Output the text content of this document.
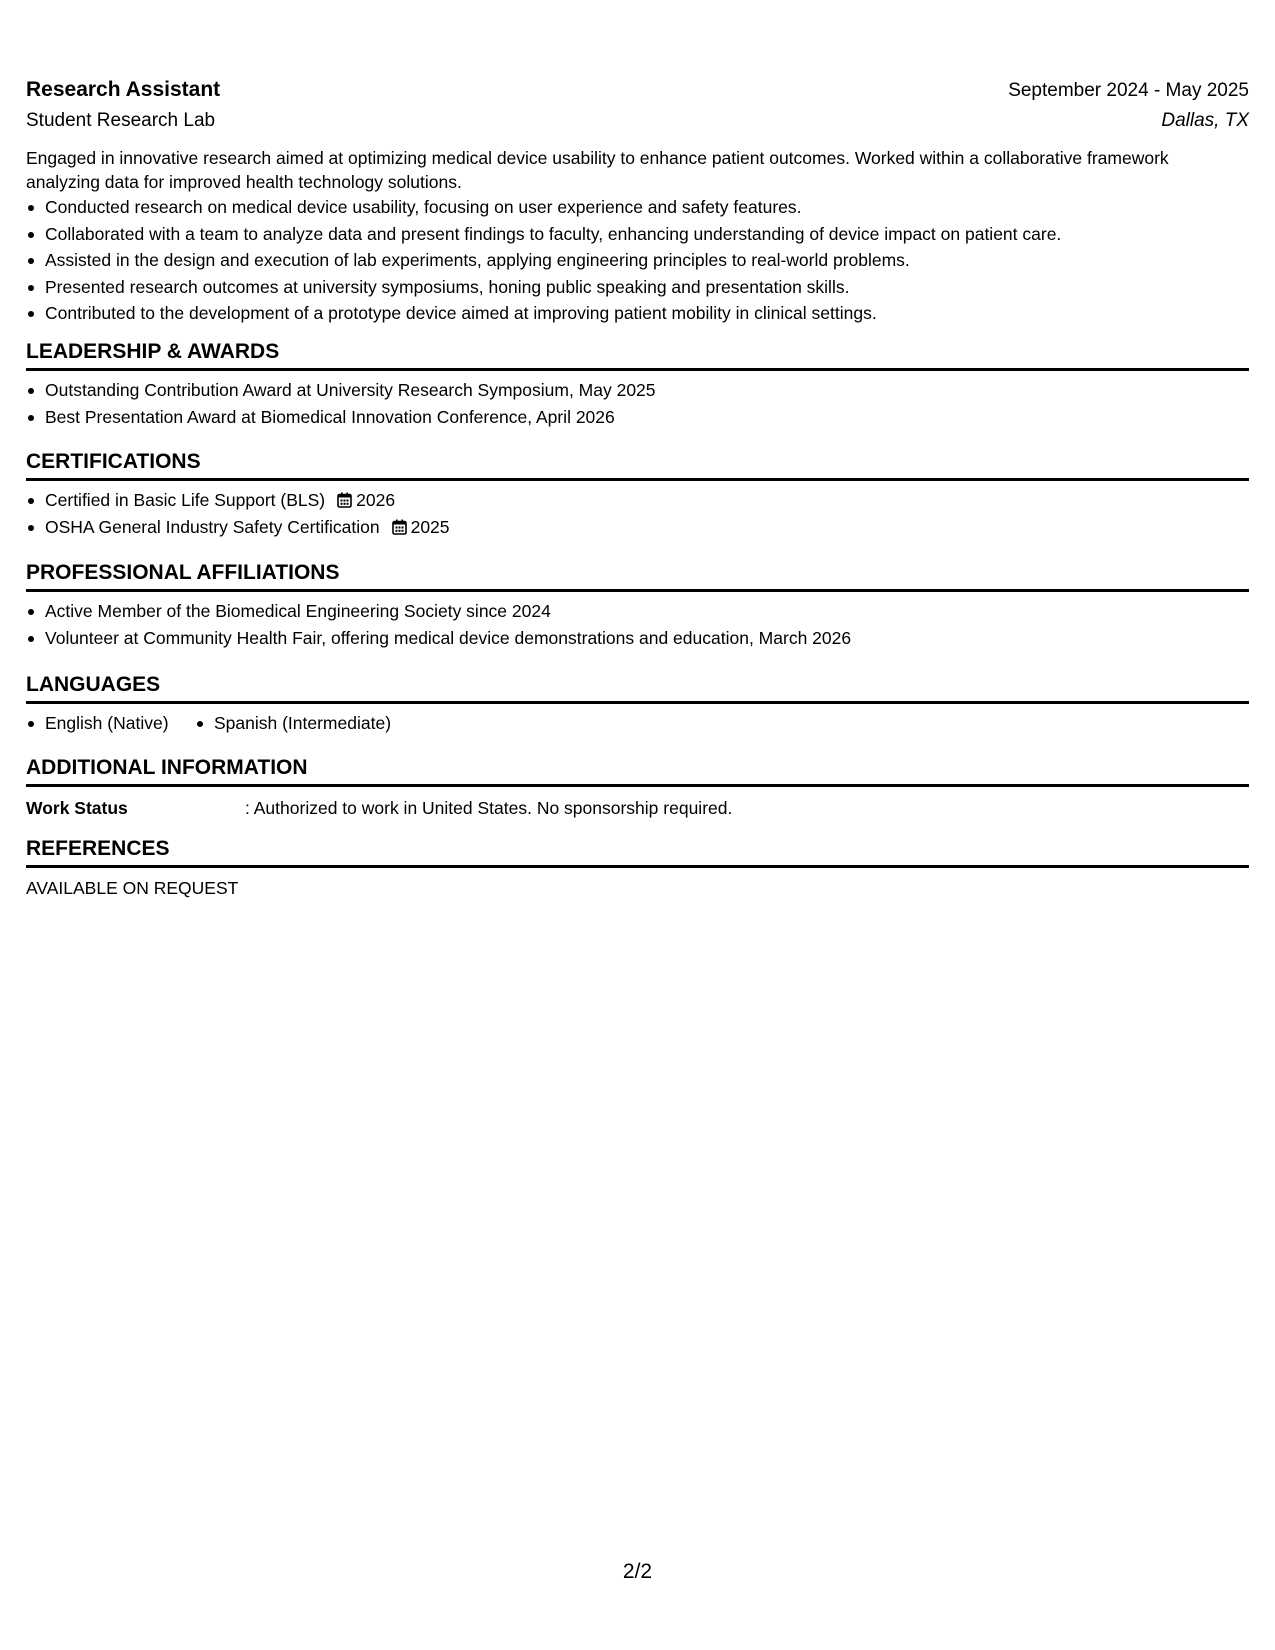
Research Assistant	September 2024 - May 2025
Student Research Lab	Dallas, TX
Engaged in innovative research aimed at optimizing medical device usability to enhance patient outcomes. Worked within a collaborative framework analyzing data for improved health technology solutions.
Conducted research on medical device usability, focusing on user experience and safety features.
Collaborated with a team to analyze data and present findings to faculty, enhancing understanding of device impact on patient care.
Assisted in the design and execution of lab experiments, applying engineering principles to real-world problems.
Presented research outcomes at university symposiums, honing public speaking and presentation skills.
Contributed to the development of a prototype device aimed at improving patient mobility in clinical settings.
LEADERSHIP & AWARDS
Outstanding Contribution Award at University Research Symposium, May 2025
Best Presentation Award at Biomedical Innovation Conference, April 2026
CERTIFICATIONS
Certified in Basic Life Support (BLS) 2026
OSHA General Industry Safety Certification 2025
PROFESSIONAL AFFILIATIONS
Active Member of the Biomedical Engineering Society since 2024
Volunteer at Community Health Fair, offering medical device demonstrations and education, March 2026
LANGUAGES
English (Native)	Spanish (Intermediate)
ADDITIONAL INFORMATION
Work Status	: Authorized to work in United States. No sponsorship required.
REFERENCES
AVAILABLE ON REQUEST
2/2
